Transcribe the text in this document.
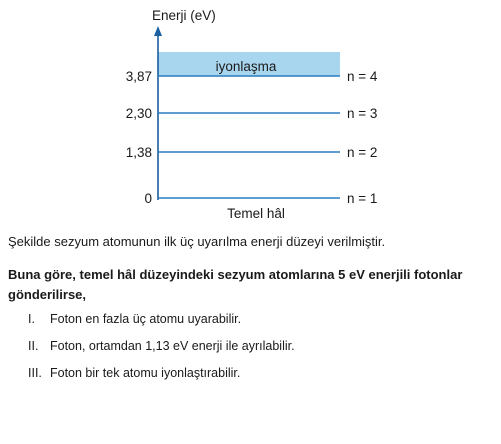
iyonlaşma
Enerji (eV)
3,87	n = 4
2,30	n = 3
1,38	n = 2
0	n = 1
Temel hâl

Şekilde sezyum atomunun ilk üç uyarılma enerji düzeyi verilmiştir.

Buna göre, temel hâl düzeyindeki sezyum atomlarına 5 eV enerjili fotonlar gönderilirse,

I. Foton en fazla üç atomu uyarabilir.
II. Foton, ortamdan 1,13 eV enerji ile ayrılabilir.
III. Foton bir tek atomu iyonlaştırabilir.
